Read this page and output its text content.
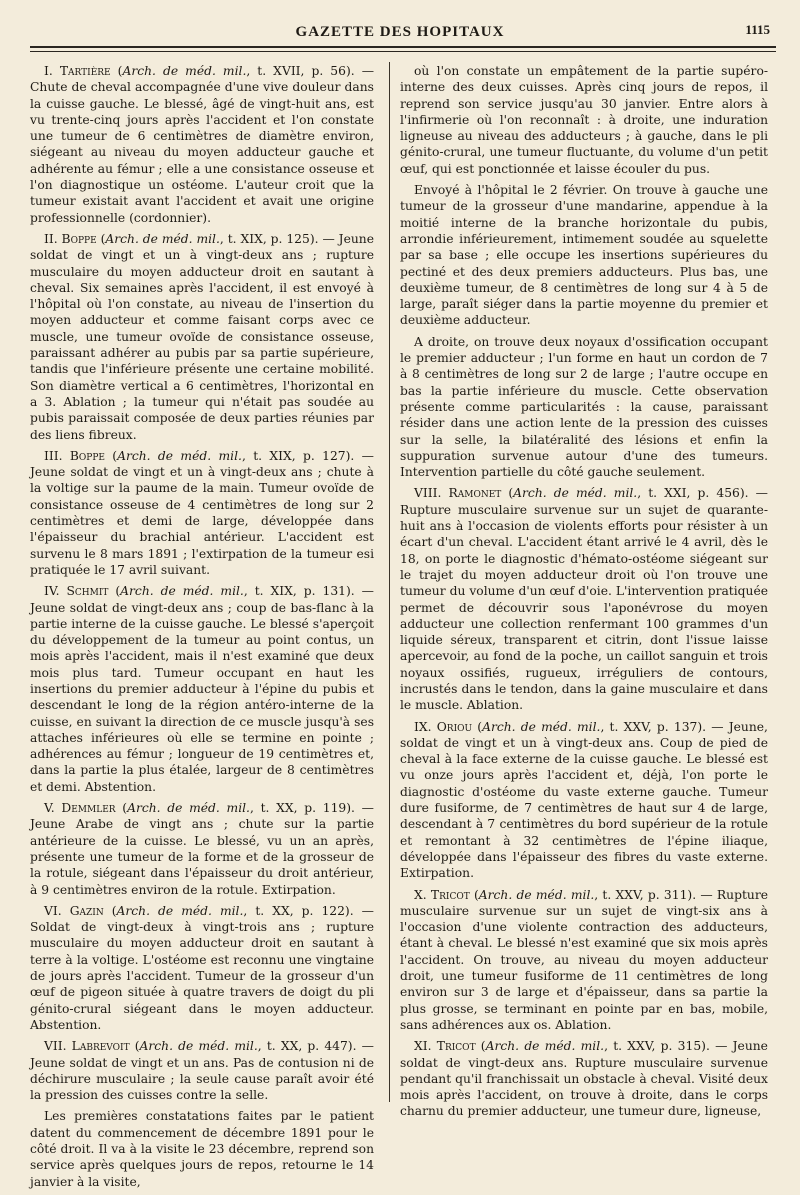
GAZETTE DES HOPITAUX	1115

I. Tartière (Arch. de méd. mil., t. XVII, p. 56). — Chute de cheval accompagnée d'une vive douleur dans la cuisse gauche. Le blessé, âgé de vingt-huit ans, est vu trente-cinq jours après l'accident et l'on constate une tumeur de 6 centimètres de diamètre environ, siégeant au niveau du moyen adducteur gauche et adhérente au fémur ; elle a une consistance osseuse et l'on diagnostique un ostéome. L'auteur croit que la tumeur existait avant l'accident et avait une origine professionnelle (cordonnier).

II. Boppe (Arch. de méd. mil., t. XIX, p. 125). — Jeune soldat de vingt et un à vingt-deux ans ; rupture musculaire du moyen adducteur droit en sautant à cheval. Six semaines après l'accident, il est envoyé à l'hôpital où l'on constate, au niveau de l'insertion du moyen adducteur et comme faisant corps avec ce muscle, une tumeur ovoïde de consistance osseuse, paraissant adhérer au pubis par sa partie supérieure, tandis que l'inférieure présente une certaine mobilité. Son diamètre vertical a 6 centimètres, l'horizontal en a 3. Ablation ; la tumeur qui n'était pas soudée au pubis paraissait composée de deux parties réunies par des liens fibreux.

III. Boppe (Arch. de méd. mil., t. XIX, p. 127). — Jeune soldat de vingt et un à vingt-deux ans ; chute à la voltige sur la paume de la main. Tumeur ovoïde de consistance osseuse de 4 centimètres de long sur 2 centimètres et demi de large, développée dans l'épaisseur du brachial antérieur. L'accident est survenu le 8 mars 1891 ; l'extirpation de la tumeur esi pratiquée le 17 avril suivant.

IV. Schmit (Arch. de méd. mil., t. XIX, p. 131). — Jeune soldat de vingt-deux ans ; coup de bas-flanc à la partie interne de la cuisse gauche. Le blessé s'aperçoit du développement de la tumeur au point contus, un mois après l'accident, mais il n'est examiné que deux mois plus tard. Tumeur occupant en haut les insertions du premier adducteur à l'épine du pubis et descendant le long de la région antéro-interne de la cuisse, en suivant la direction de ce muscle jusqu'à ses attaches inférieures où elle se termine en pointe ; adhérences au fémur ; longueur de 19 centimètres et, dans la partie la plus étalée, largeur de 8 centimètres et demi. Abstention.

V. Demmler (Arch. de méd. mil., t. XX, p. 119). — Jeune Arabe de vingt ans ; chute sur la partie antérieure de la cuisse. Le blessé, vu un an après, présente une tumeur de la forme et de la grosseur de la rotule, siégeant dans l'épaisseur du droit antérieur, à 9 centimètres environ de la rotule. Extirpation.

VI. Gazin (Arch. de méd. mil., t. XX, p. 122). — Soldat de vingt-deux à vingt-trois ans ; rupture musculaire du moyen adducteur droit en sautant à terre à la voltige. L'ostéome est reconnu une vingtaine de jours après l'accident. Tumeur de la grosseur d'un œuf de pigeon située à quatre travers de doigt du pli génito-crural siégeant dans le moyen adducteur. Abstention.

VII. Labrevoit (Arch. de méd. mil., t. XX, p. 447). — Jeune soldat de vingt et un ans. Pas de contusion ni de déchirure musculaire ; la seule cause paraît avoir été la pression des cuisses contre la selle.

Les premières constatations faites par le patient datent du commencement de décembre 1891 pour le côté droit. Il va à la visite le 23 décembre, reprend son service après quelques jours de repos, retourne le 14 janvier à la visite,

où l'on constate un empâtement de la partie supéro-interne des deux cuisses. Après cinq jours de repos, il reprend son service jusqu'au 30 janvier. Entre alors à l'infirmerie où l'on reconnaît : à droite, une induration ligneuse au niveau des adducteurs ; à gauche, dans le pli génito-crural, une tumeur fluctuante, du volume d'un petit œuf, qui est ponctionnée et laisse écouler du pus.

Envoyé à l'hôpital le 2 février. On trouve à gauche une tumeur de la grosseur d'une mandarine, appendue à la moitié interne de la branche horizontale du pubis, arrondie inférieurement, intimement soudée au squelette par sa base ; elle occupe les insertions supérieures du pectiné et des deux premiers adducteurs. Plus bas, une deuxième tumeur, de 8 centimètres de long sur 4 à 5 de large, paraît siéger dans la partie moyenne du premier et deuxième adducteur.

A droite, on trouve deux noyaux d'ossification occupant le premier adducteur ; l'un forme en haut un cordon de 7 à 8 centimètres de long sur 2 de large ; l'autre occupe en bas la partie inférieure du muscle. Cette observation présente comme particularités : la cause, paraissant résider dans une action lente de la pression des cuisses sur la selle, la bilatéralité des lésions et enfin la suppuration survenue autour d'une des tumeurs. Intervention partielle du côté gauche seulement.

VIII. Ramonet (Arch. de méd. mil., t. XXI, p. 456). — Rupture musculaire survenue sur un sujet de quarante-huit ans à l'occasion de violents efforts pour résister à un écart d'un cheval. L'accident étant arrivé le 4 avril, dès le 18, on porte le diagnostic d'hémato-ostéome siégeant sur le trajet du moyen adducteur droit où l'on trouve une tumeur du volume d'un œuf d'oie. L'intervention pratiquée permet de découvrir sous l'aponévrose du moyen adducteur une collection renfermant 100 grammes d'un liquide séreux, transparent et citrin, dont l'issue laisse apercevoir, au fond de la poche, un caillot sanguin et trois noyaux ossifiés, rugueux, irréguliers de contours, incrustés dans le tendon, dans la gaine musculaire et dans le muscle. Ablation.

IX. Oriou (Arch. de méd. mil., t. XXV, p. 137). — Jeune, soldat de vingt et un à vingt-deux ans. Coup de pied de cheval à la face externe de la cuisse gauche. Le blessé est vu onze jours après l'accident et, déjà, l'on porte le diagnostic d'ostéome du vaste externe gauche. Tumeur dure fusiforme, de 7 centimètres de haut sur 4 de large, descendant à 7 centimètres du bord supérieur de la rotule et remontant à 32 centimètres de l'épine iliaque, développée dans l'épaisseur des fibres du vaste externe. Extirpation.

X. Tricot (Arch. de méd. mil., t. XXV, p. 311). — Rupture musculaire survenue sur un sujet de vingt-six ans à l'occasion d'une violente contraction des adducteurs, étant à cheval. Le blessé n'est examiné que six mois après l'accident. On trouve, au niveau du moyen adducteur droit, une tumeur fusiforme de 11 centimètres de long environ sur 3 de large et d'épaisseur, dans sa partie la plus grosse, se terminant en pointe par en bas, mobile, sans adhérences aux os. Ablation.

XI. Tricot (Arch. de méd. mil., t. XXV, p. 315). — Jeune soldat de vingt-deux ans. Rupture musculaire survenue pendant qu'il franchissait un obstacle à cheval. Visité deux mois après l'accident, on trouve à droite, dans le corps charnu du premier adducteur, une tumeur dure, ligneuse,
